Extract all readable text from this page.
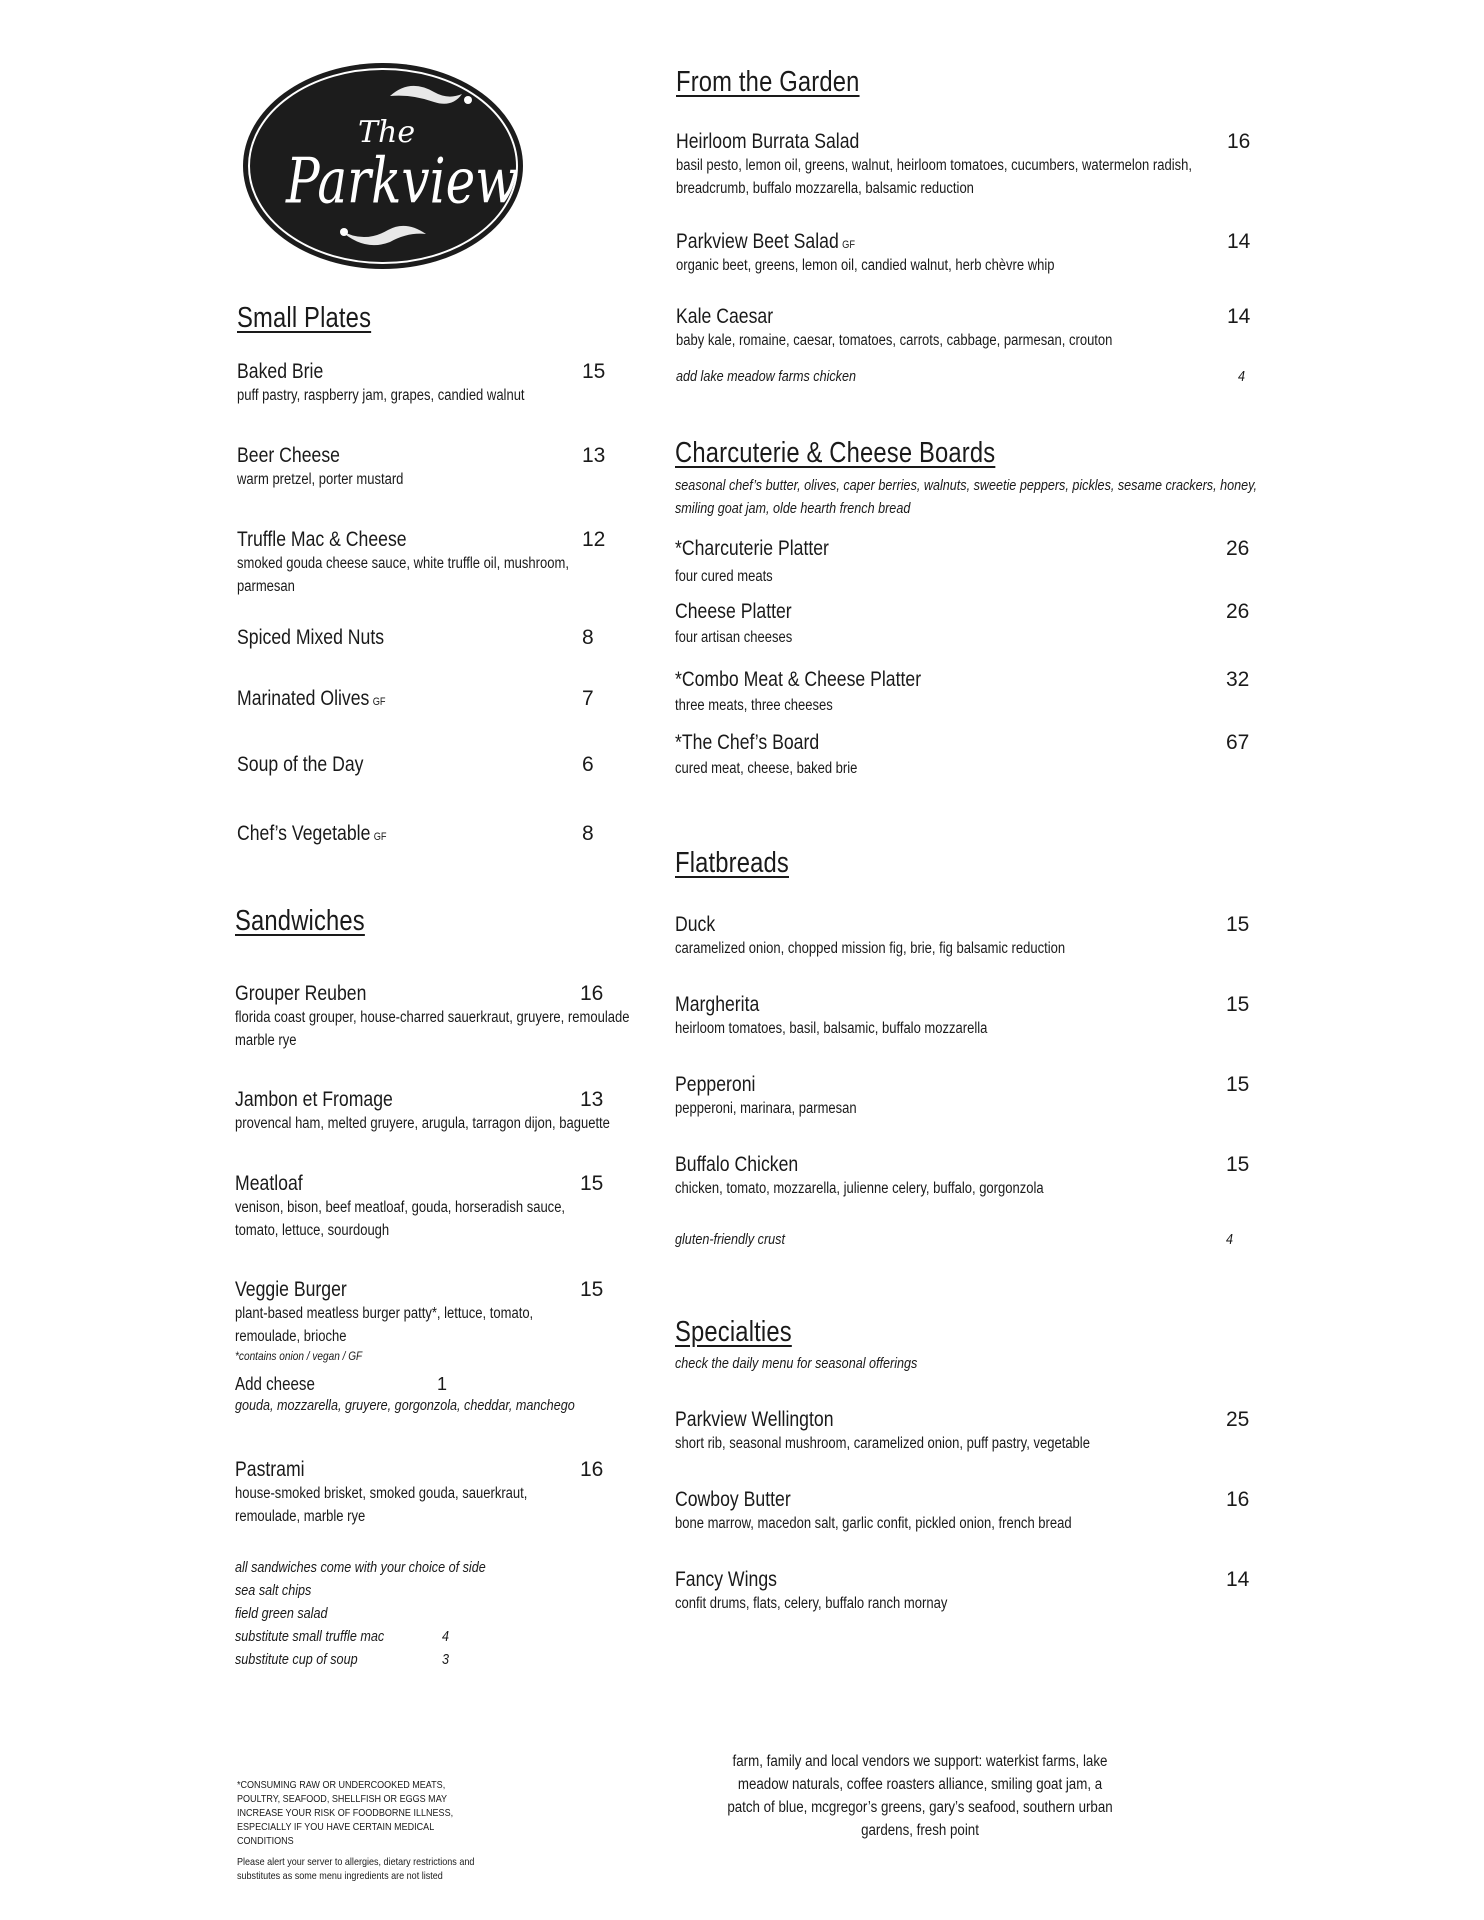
The
Parkview
Small Plates
Baked Brie	15
puff pastry, raspberry jam, grapes, candied walnut
Beer Cheese	13
warm pretzel, porter mustard
Truffle Mac & Cheese	12
smoked gouda cheese sauce, white truffle oil, mushroom, parmesan
Spiced Mixed Nuts	8
Marinated Olives GF	7
Soup of the Day	6
Chef’s Vegetable GF	8
Sandwiches
Grouper Reuben	16
florida coast grouper, house-charred sauerkraut, gruyere, remoulade marble rye
Jambon et Fromage	13
provencal ham, melted gruyere, arugula, tarragon dijon, baguette
Meatloaf	15
venison, bison, beef meatloaf, gouda, horseradish sauce, tomato, lettuce, sourdough
Veggie Burger	15
plant-based meatless burger patty*, lettuce, tomato, remoulade, brioche
*contains onion / vegan / GF
Add cheese	1
gouda, mozzarella, gruyere, gorgonzola, cheddar, manchego
Pastrami	16
house-smoked brisket, smoked gouda, sauerkraut, remoulade, marble rye
all sandwiches come with your choice of side
sea salt chips
field green salad
substitute small truffle mac	4
substitute cup of soup	3
From the Garden
Heirloom Burrata Salad	16
basil pesto, lemon oil, greens, walnut, heirloom tomatoes, cucumbers, watermelon radish, breadcrumb, buffalo mozzarella, balsamic reduction
Parkview Beet Salad GF	14
organic beet, greens, lemon oil, candied walnut, herb chèvre whip
Kale Caesar	14
baby kale, romaine, caesar, tomatoes, carrots, cabbage, parmesan, crouton
add lake meadow farms chicken	4
Charcuterie & Cheese Boards
seasonal chef’s butter, olives, caper berries, walnuts, sweetie peppers, pickles, sesame crackers, honey, smiling goat jam, olde hearth french bread
*Charcuterie Platter	26
four cured meats
Cheese Platter	26
four artisan cheeses
*Combo Meat & Cheese Platter	32
three meats, three cheeses
*The Chef’s Board	67
cured meat, cheese, baked brie
Flatbreads
Duck	15
caramelized onion, chopped mission fig, brie, fig balsamic reduction
Margherita	15
heirloom tomatoes, basil, balsamic, buffalo mozzarella
Pepperoni	15
pepperoni, marinara, parmesan
Buffalo Chicken	15
chicken, tomato, mozzarella, julienne celery, buffalo, gorgonzola
gluten-friendly crust	4
Specialties
check the daily menu for seasonal offerings
Parkview Wellington	25
short rib, seasonal mushroom, caramelized onion, puff pastry, vegetable
Cowboy Butter	16
bone marrow, macedon salt, garlic confit, pickled onion, french bread
Fancy Wings	14
confit drums, flats, celery, buffalo ranch mornay
*CONSUMING RAW OR UNDERCOOKED MEATS, POULTRY, SEAFOOD, SHELLFISH OR EGGS MAY INCREASE YOUR RISK OF FOODBORNE ILLNESS, ESPECIALLY IF YOU HAVE CERTAIN MEDICAL CONDITIONS
Please alert your server to allergies, dietary restrictions and substitutes as some menu ingredients are not listed
farm, family and local vendors we support: waterkist farms, lake meadow naturals, coffee roasters alliance, smiling goat jam, a patch of blue, mcgregor’s greens, gary’s seafood, southern urban gardens, fresh point
